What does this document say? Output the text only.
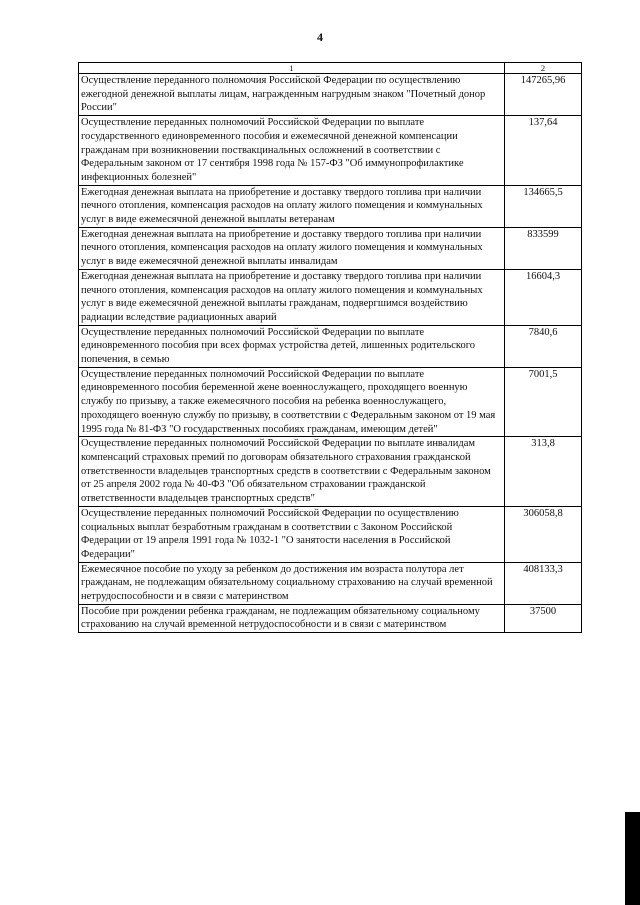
4
1	2
Осуществление переданного полномочия Российской Федерации по осуществлению ежегодной денежной выплаты лицам, награжденным нагрудным знаком "Почетный донор России"	147265,96
Осуществление переданных полномочий Российской Федерации по выплате государственного единовременного пособия и ежемесячной денежной компенсации гражданам при возникновении поствакцинальных осложнений в соответствии с Федеральным законом от 17 сентября 1998 года № 157-ФЗ "Об иммунопрофилактике инфекционных болезней"	137,64
Ежегодная денежная выплата на приобретение и доставку твердого топлива при наличии печного отопления, компенсация расходов на оплату жилого помещения и коммунальных услуг в виде ежемесячной денежной выплаты ветеранам	134665,5
Ежегодная денежная выплата на приобретение и доставку твердого топлива при наличии печного отопления, компенсация расходов на оплату жилого помещения и коммунальных услуг в виде ежемесячной денежной выплаты инвалидам	833599
Ежегодная денежная выплата на приобретение и доставку твердого топлива при наличии печного отопления, компенсация расходов на оплату жилого помещения и коммунальных услуг в виде ежемесячной денежной выплаты гражданам, подвергшимся воздействию радиации вследствие радиационных аварий	16604,3
Осуществление переданных полномочий Российской Федерации по выплате единовременного пособия при всех формах устройства детей, лишенных родительского попечения, в семью	7840,6
Осуществление переданных полномочий Российской Федерации по выплате единовременного пособия беременной жене военнослужащего, проходящего военную службу по призыву, а также ежемесячного пособия на ребенка военнослужащего, проходящего военную службу по призыву, в соответствии с Федеральным законом от 19 мая 1995 года № 81-ФЗ "О государственных пособиях гражданам, имеющим детей"	7001,5
Осуществление переданных полномочий Российской Федерации по выплате инвалидам компенсаций страховых премий по договорам обязательного страхования гражданской ответственности владельцев транспортных средств в соответствии с Федеральным законом от 25 апреля 2002 года № 40-ФЗ "Об обязательном страховании гражданской ответственности владельцев транспортных средств"	313,8
Осуществление переданных полномочий Российской Федерации по осуществлению социальных выплат безработным гражданам в соответствии с Законом Российской Федерации от 19 апреля 1991 года № 1032-1 "О занятости населения в Российской Федерации"	306058,8
Ежемесячное пособие по уходу за ребенком до достижения им возраста полутора лет гражданам, не подлежащим обязательному социальному страхованию на случай временной нетрудоспособности и в связи с материнством	408133,3
Пособие при рождении ребенка гражданам, не подлежащим обязательному социальному страхованию на случай временной нетрудоспособности и в связи с материнством	37500
